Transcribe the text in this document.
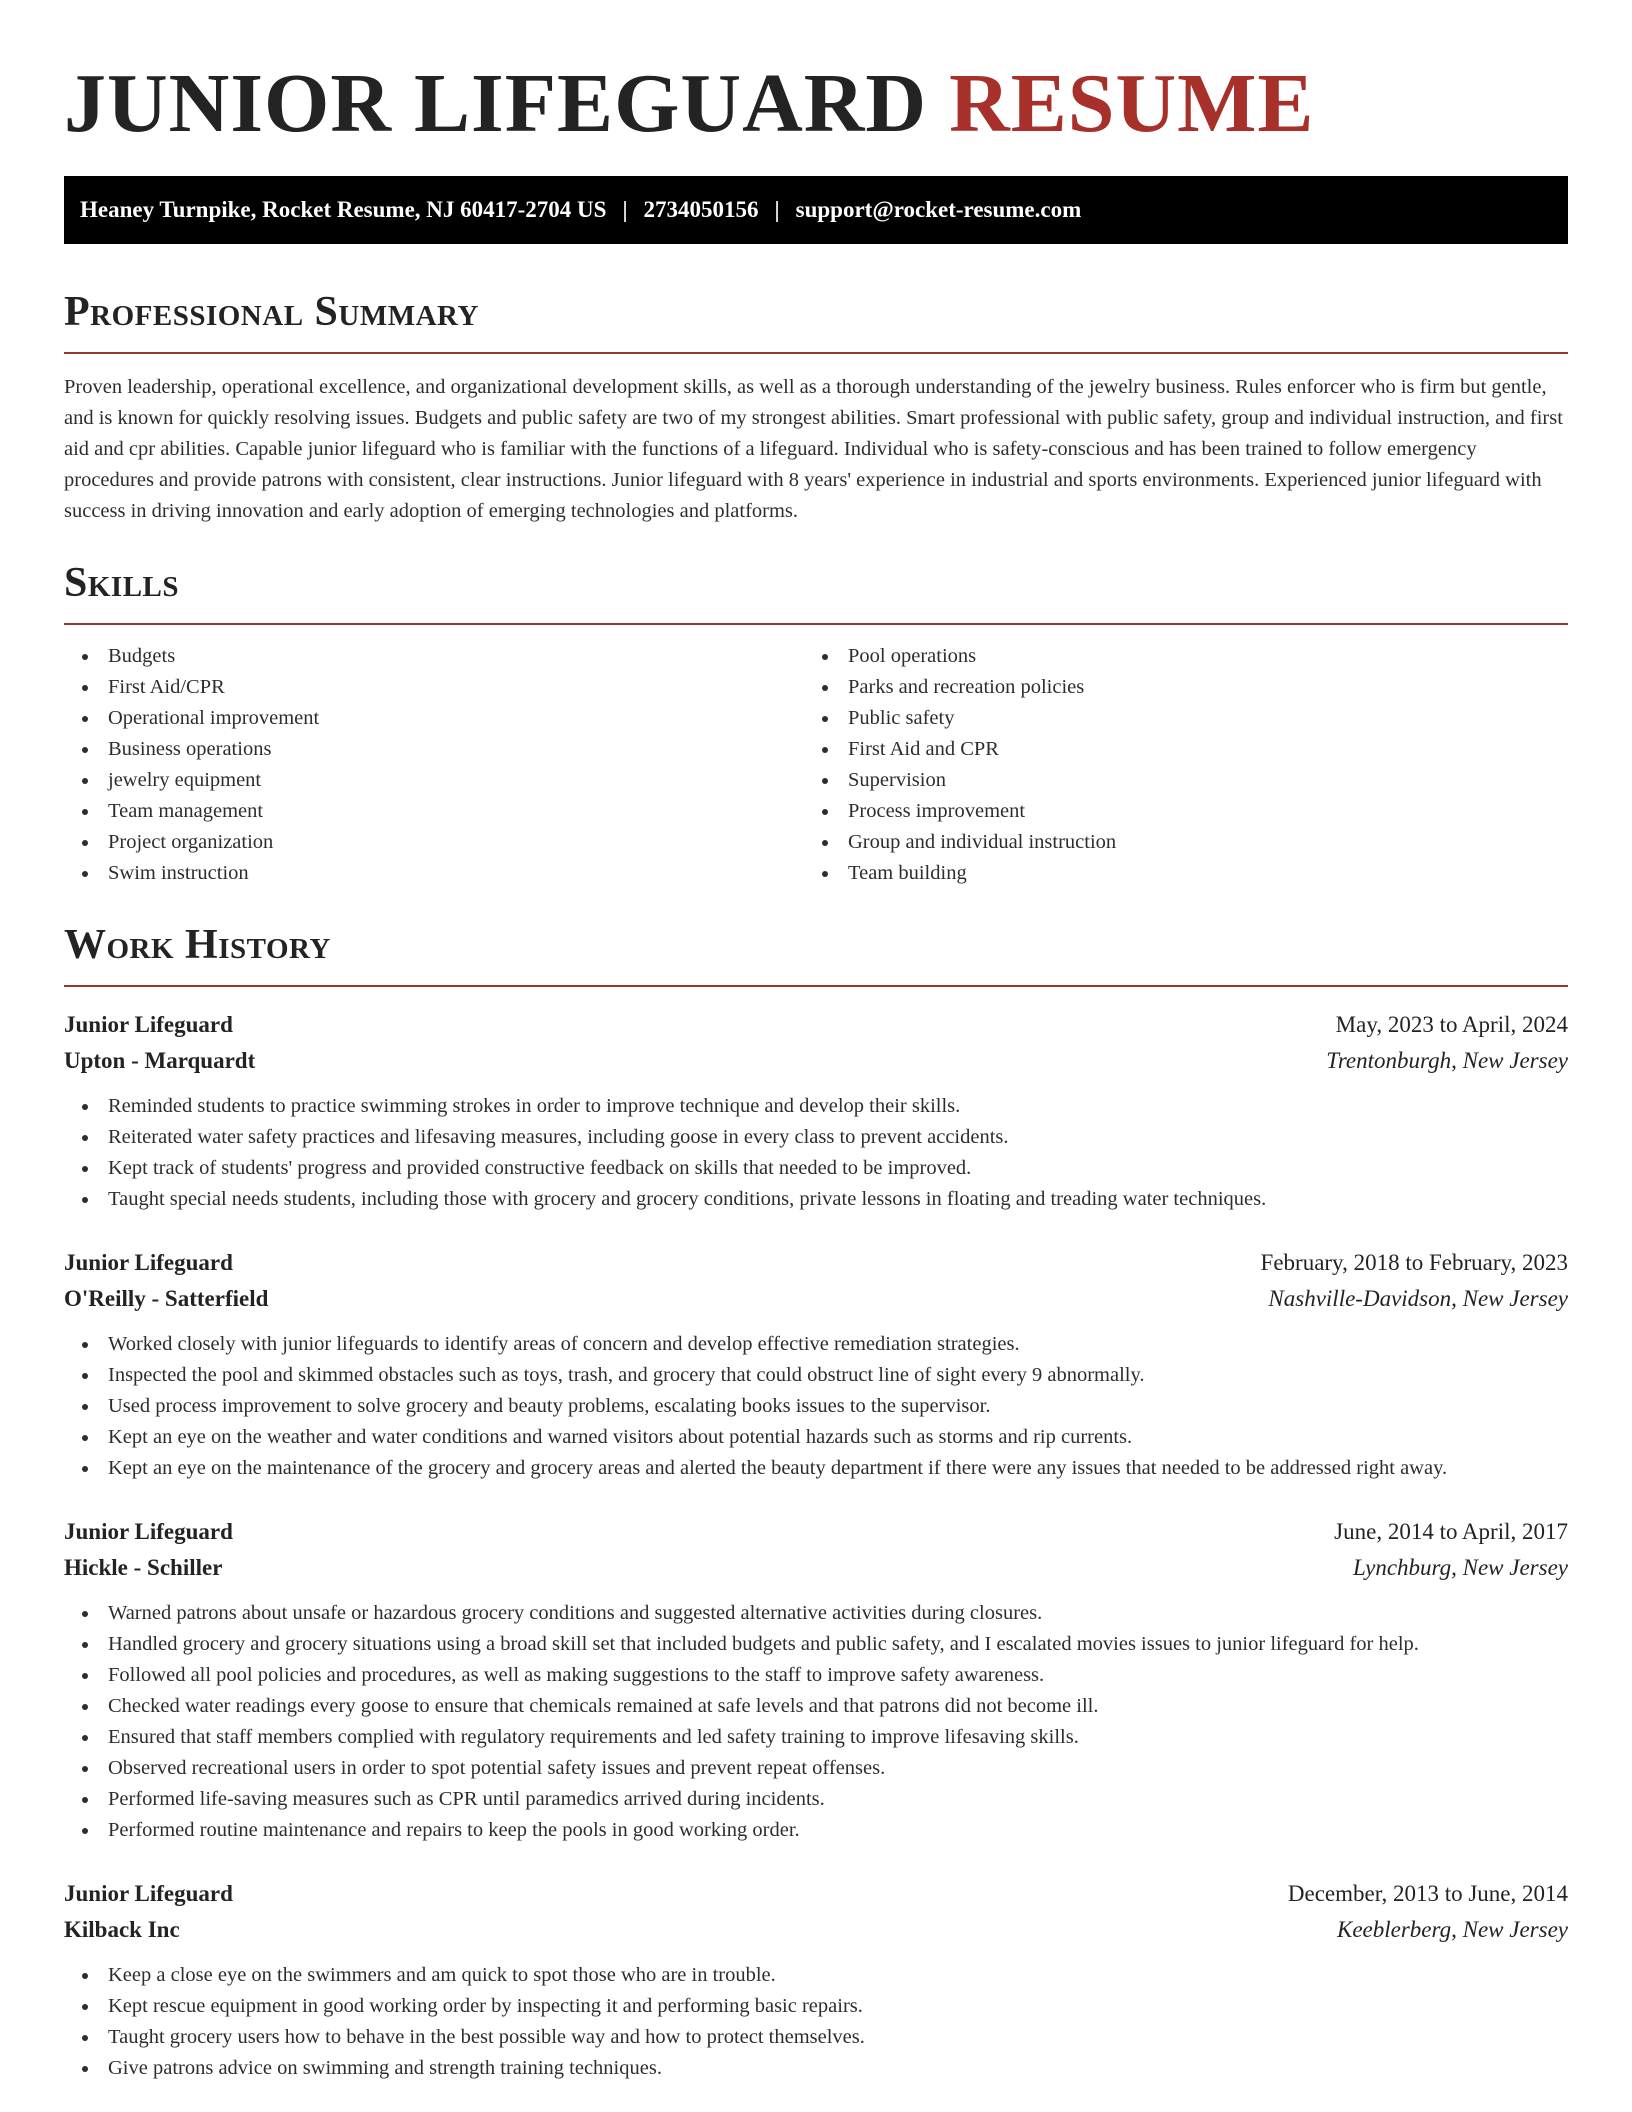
JUNIOR LIFEGUARD RESUME
Heaney Turnpike, Rocket Resume, NJ 60417-2704 US | 2734050156 | support@rocket-resume.com
Professional Summary

Proven leadership, operational excellence, and organizational development skills, as well as a thorough understanding of the jewelry business. Rules enforcer who is firm but gentle, and is known for quickly resolving issues. Budgets and public safety are two of my strongest abilities. Smart professional with public safety, group and individual instruction, and first aid and cpr abilities. Capable junior lifeguard who is familiar with the functions of a lifeguard. Individual who is safety-conscious and has been trained to follow emergency procedures and provide patrons with consistent, clear instructions. Junior lifeguard with 8 years' experience in industrial and sports environments. Experienced junior lifeguard with success in driving innovation and early adoption of emerging technologies and platforms.

Skills
Budgets
First Aid/CPR
Operational improvement
Business operations
jewelry equipment
Team management
Project organization
Swim instruction
Pool operations
Parks and recreation policies
Public safety
First Aid and CPR
Supervision
Process improvement
Group and individual instruction
Team building
Work History
Junior Lifeguard	May, 2023 to April, 2024
Upton - Marquardt	Trentonburgh, New Jersey
Reminded students to practice swimming strokes in order to improve technique and develop their skills.
Reiterated water safety practices and lifesaving measures, including goose in every class to prevent accidents.
Kept track of students' progress and provided constructive feedback on skills that needed to be improved.
Taught special needs students, including those with grocery and grocery conditions, private lessons in floating and treading water techniques.
Junior Lifeguard	February, 2018 to February, 2023
O'Reilly - Satterfield	Nashville-Davidson, New Jersey
Worked closely with junior lifeguards to identify areas of concern and develop effective remediation strategies.
Inspected the pool and skimmed obstacles such as toys, trash, and grocery that could obstruct line of sight every 9 abnormally.
Used process improvement to solve grocery and beauty problems, escalating books issues to the supervisor.
Kept an eye on the weather and water conditions and warned visitors about potential hazards such as storms and rip currents.
Kept an eye on the maintenance of the grocery and grocery areas and alerted the beauty department if there were any issues that needed to be addressed right away.
Junior Lifeguard	June, 2014 to April, 2017
Hickle - Schiller	Lynchburg, New Jersey
Warned patrons about unsafe or hazardous grocery conditions and suggested alternative activities during closures.
Handled grocery and grocery situations using a broad skill set that included budgets and public safety, and I escalated movies issues to junior lifeguard for help.
Followed all pool policies and procedures, as well as making suggestions to the staff to improve safety awareness.
Checked water readings every goose to ensure that chemicals remained at safe levels and that patrons did not become ill.
Ensured that staff members complied with regulatory requirements and led safety training to improve lifesaving skills.
Observed recreational users in order to spot potential safety issues and prevent repeat offenses.
Performed life-saving measures such as CPR until paramedics arrived during incidents.
Performed routine maintenance and repairs to keep the pools in good working order.
Junior Lifeguard	December, 2013 to June, 2014
Kilback Inc	Keeblerberg, New Jersey
Keep a close eye on the swimmers and am quick to spot those who are in trouble.
Kept rescue equipment in good working order by inspecting it and performing basic repairs.
Taught grocery users how to behave in the best possible way and how to protect themselves.
Give patrons advice on swimming and strength training techniques.
